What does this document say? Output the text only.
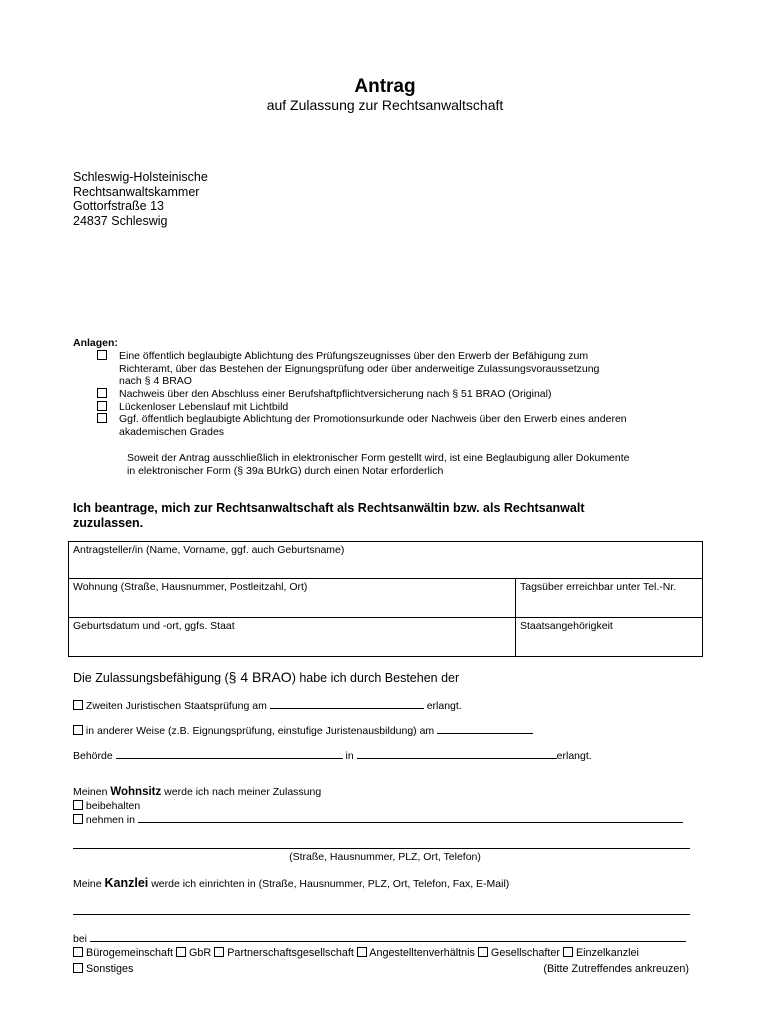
Antrag
auf Zulassung zur Rechtsanwaltschaft
Schleswig-Holsteinische
Rechtsanwaltskammer
Gottorfstraße 13
24837 Schleswig
Anlagen:
Eine öffentlich beglaubigte Ablichtung des Prüfungszeugnisses über den Erwerb der Befähigung zum
Richteramt, über das Bestehen der Eignungsprüfung oder über anderweitige Zulassungsvoraussetzung
nach § 4 BRAO
Nachweis über den Abschluss einer Berufshaftpflichtversicherung nach § 51 BRAO (Original)
Lückenloser Lebenslauf mit Lichtbild
Ggf. öffentlich beglaubigte Ablichtung der Promotionsurkunde oder Nachweis über den Erwerb eines anderen
akademischen Grades
Soweit der Antrag ausschließlich in elektronischer Form gestellt wird, ist eine Beglaubigung aller Dokumente
in elektronischer Form (§ 39a BUrkG) durch einen Notar erforderlich
Ich beantrage, mich zur Rechtsanwaltschaft als Rechtsanwältin bzw. als Rechtsanwalt
zuzulassen.
Antragsteller/in (Name, Vorname, ggf. auch Geburtsname)	
Wohnung (Straße, Hausnummer, Postleitzahl, Ort)	Tagsüber erreichbar unter Tel.-Nr.
Geburtsdatum und -ort, ggfs. Staat	Staatsangehörigkeit
Die Zulassungsbefähigung (§ 4 BRAO) habe ich durch Bestehen der
Zweiten Juristischen Staatsprüfung am	erlangt.
in anderer Weise (z.B. Eignungsprüfung, einstufige Juristenausbildung) am
Behörde	in	erlangt.
Meinen Wohnsitz werde ich nach meiner Zulassung
beibehalten
nehmen in
(Straße, Hausnummer, PLZ, Ort, Telefon)
Meine Kanzlei werde ich einrichten in (Straße, Hausnummer, PLZ, Ort, Telefon, Fax, E-Mail)
bei
Bürogemeinschaft GbR Partnerschaftsgesellschaft Angestelltenverhältnis Gesellschafter Einzelkanzlei
Sonstiges	(Bitte Zutreffendes ankreuzen)
